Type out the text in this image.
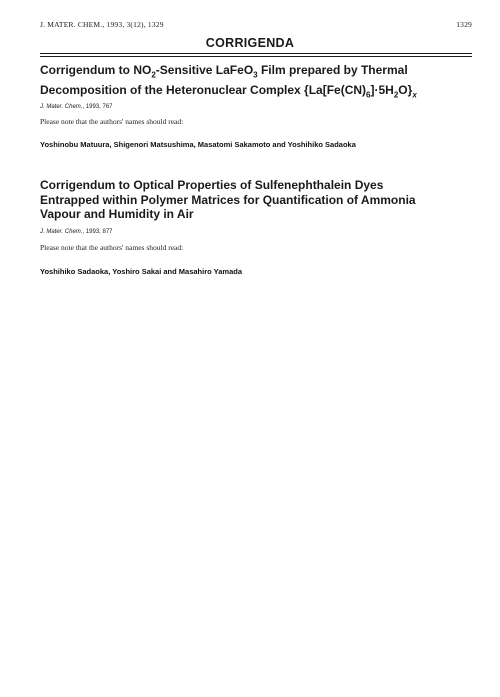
J. MATER. CHEM., 1993, 3(12), 1329	1329
CORRIGENDA
Corrigendum to $NO_2$-Sensitive LaFeO$_3$ Film prepared by Thermal
Decomposition of the Heteronuclear Complex $\{La[Fe(CN)_6]\cdot 5H_2O\}_x$
J. Mater. Chem., 1993, 767
Please note that the authors' names should read:
Yoshinobu Matuura, Shigenori Matsushima, Masatomi Sakamoto and Yoshihiko Sadaoka
Corrigendum to Optical Properties of Sulfenephthalein Dyes
Entrapped within Polymer Matrices for Quantification of Ammonia
Vapour and Humidity in Air
J. Mater. Chem., 1993, 877
Please note that the authors' names should read:
Yoshihiko Sadaoka, Yoshiro Sakai and Masahiro Yamada
